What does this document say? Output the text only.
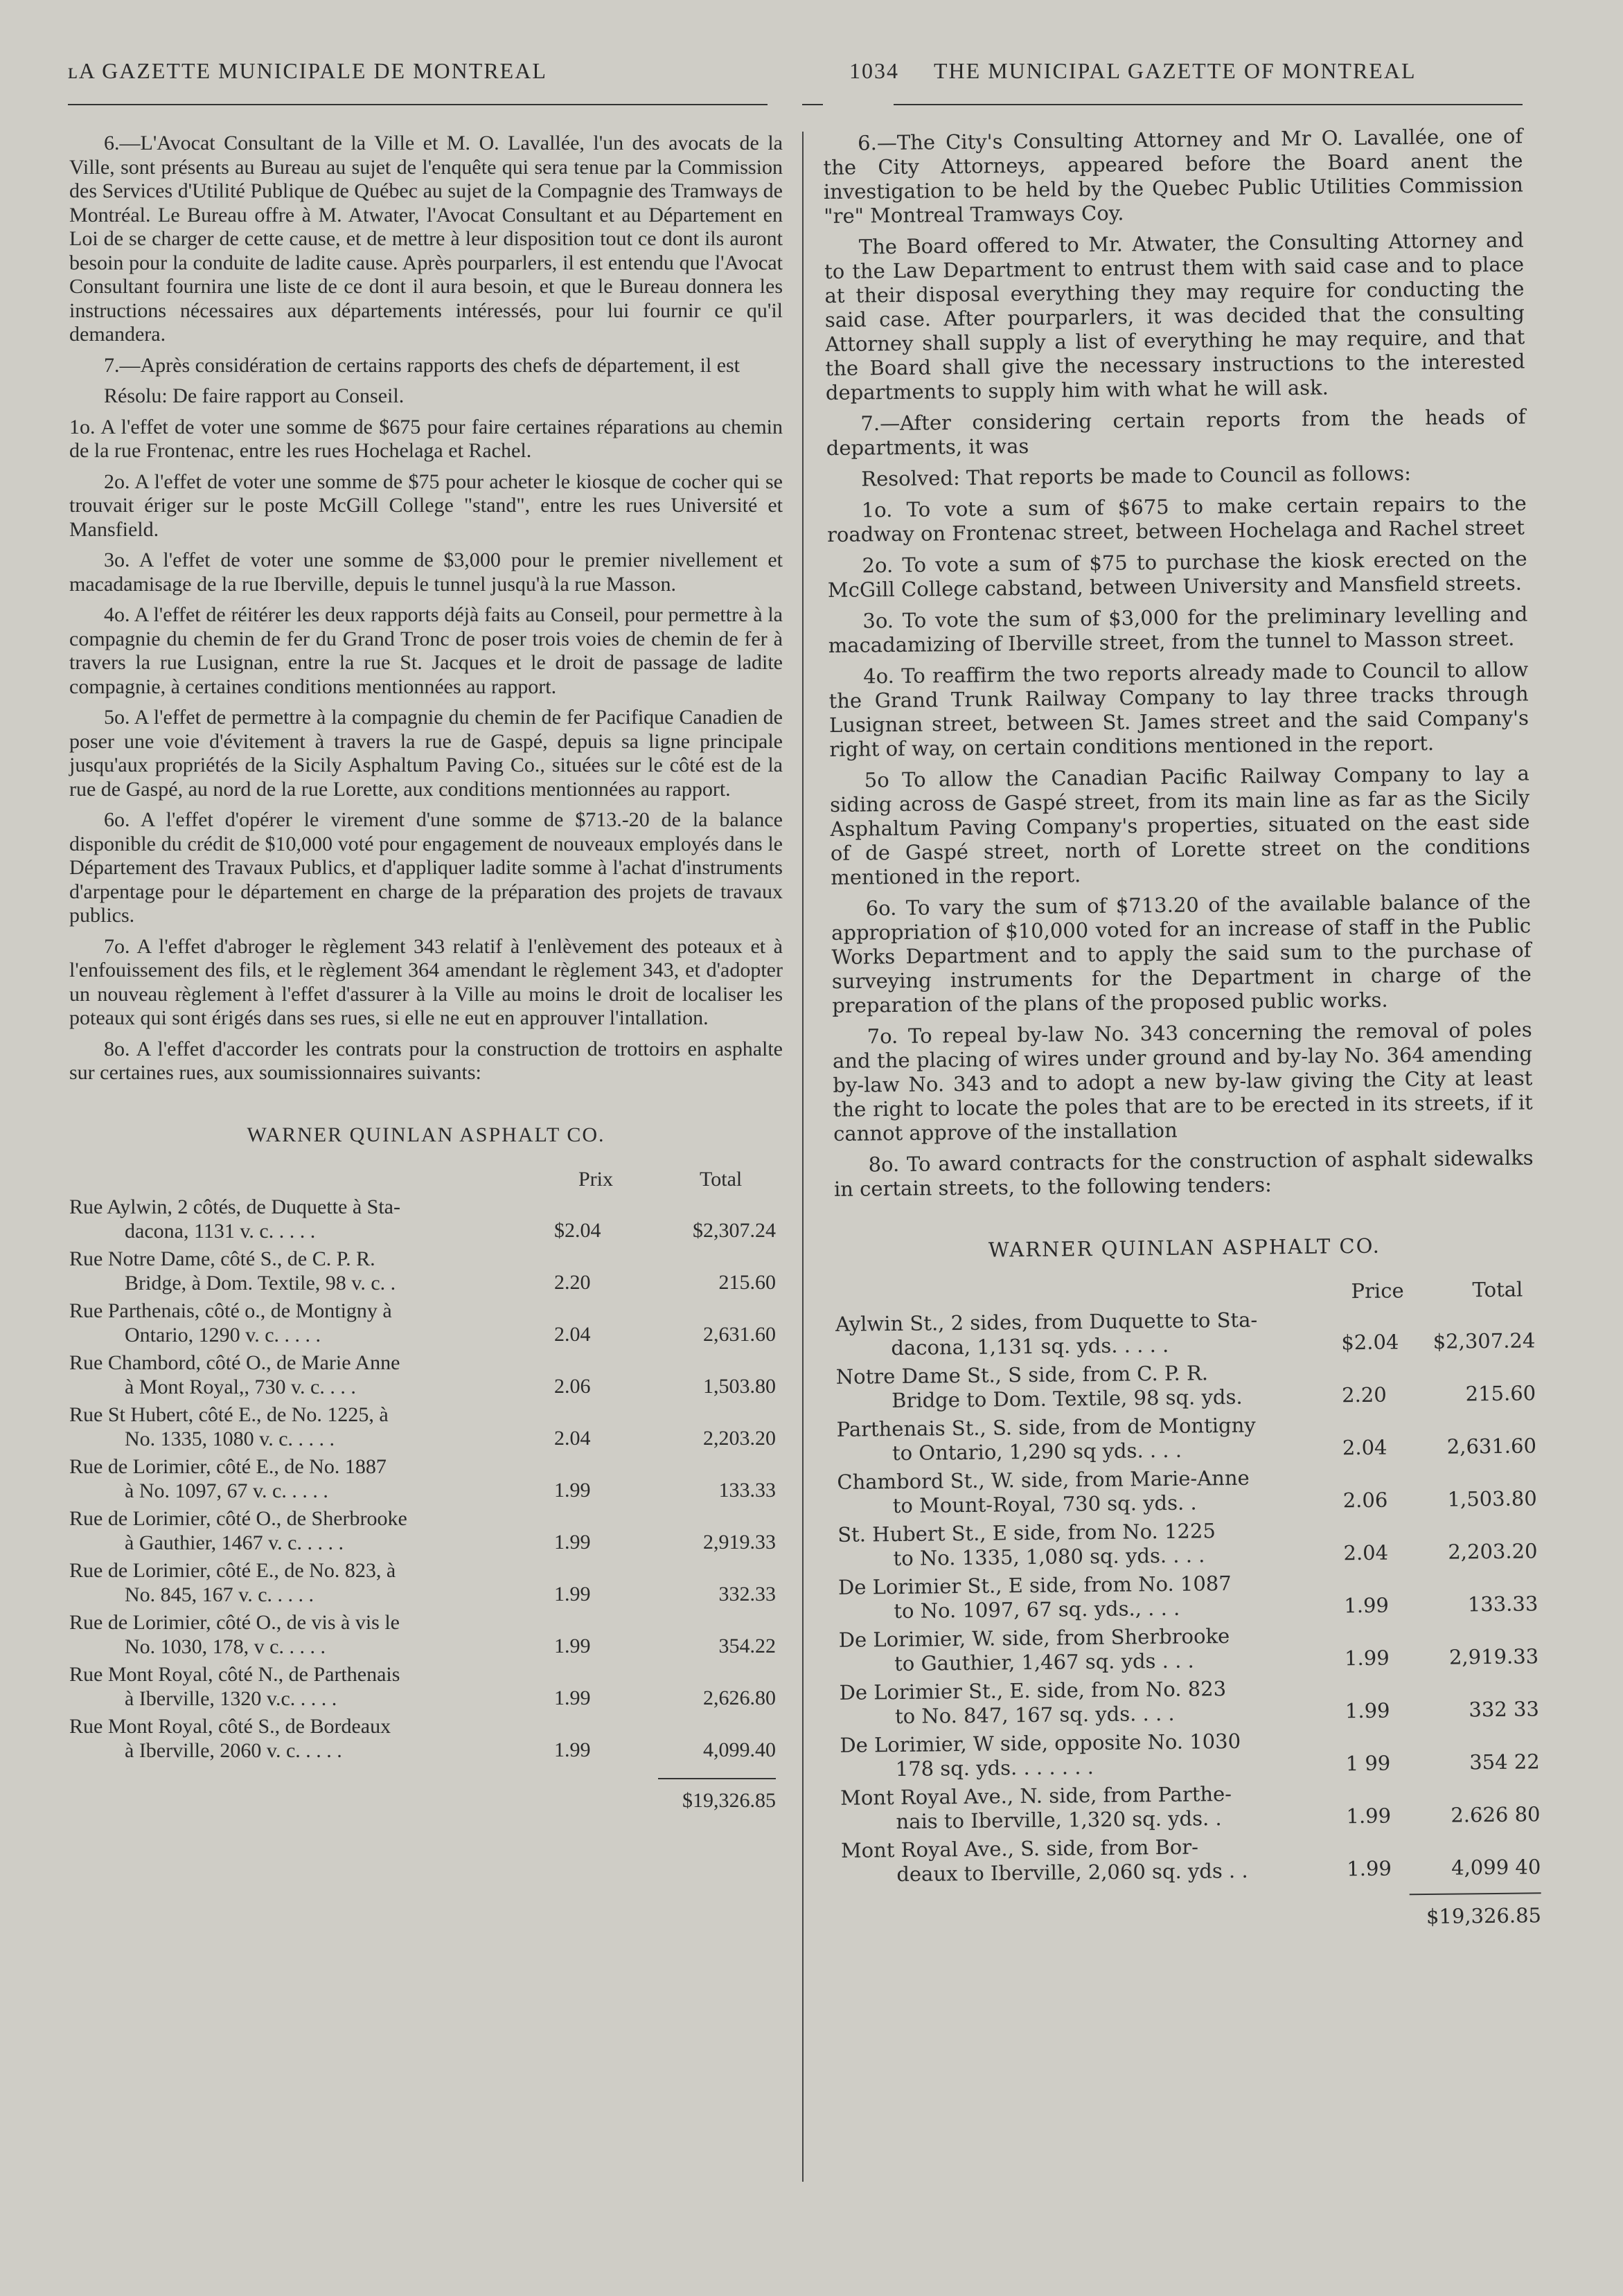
ʟA GAZETTE MUNICIPALE DE MONTREAL	1034 THE MUNICIPAL GAZETTE OF MONTREAL

6.—L'Avocat Consultant de la Ville et M. O. Lavallée, l'un des avocats de la Ville, sont présents au Bureau au sujet de l'enquête qui sera tenue par la Commission des Services d'Utilité Publique de Québec au sujet de la Compagnie des Tramways de Montréal. Le Bureau offre à M. Atwater, l'Avocat Consultant et au Département en Loi de se charger de cette cause, et de mettre à leur disposition tout ce dont ils auront besoin pour la conduite de ladite cause. Après pourparlers, il est entendu que l'Avocat Consultant fournira une liste de ce dont il aura besoin, et que le Bureau donnera les instructions nécessaires aux départements intéressés, pour lui fournir ce qu'il demandera.

7.—Après considération de certains rapports des chefs de département, il est

Résolu: De faire rapport au Conseil.

1o. A l'effet de voter une somme de $675 pour faire certaines réparations au chemin de la rue Frontenac, entre les rues Hochelaga et Rachel.

2o. A l'effet de voter une somme de $75 pour acheter le kiosque de cocher qui se trouvait ériger sur le poste McGill College "stand", entre les rues Université et Mansfield.

3o. A l'effet de voter une somme de $3,000 pour le premier nivellement et macadamisage de la rue Iberville, depuis le tunnel jusqu'à la rue Masson.

4o. A l'effet de réitérer les deux rapports déjà faits au Conseil, pour permettre à la compagnie du chemin de fer du Grand Tronc de poser trois voies de chemin de fer à travers la rue Lusignan, entre la rue St. Jacques et le droit de passage de ladite compagnie, à certaines conditions mentionnées au rapport.

5o. A l'effet de permettre à la compagnie du chemin de fer Pacifique Canadien de poser une voie d'évitement à travers la rue de Gaspé, depuis sa ligne principale jusqu'aux propriétés de la Sicily Asphaltum Paving Co., situées sur le côté est de la rue de Gaspé, au nord de la rue Lorette, aux conditions mentionnées au rapport.

6o. A l'effet d'opérer le virement d'une somme de $713.-20 de la balance disponible du crédit de $10,000 voté pour engagement de nouveaux employés dans le Département des Travaux Publics, et d'appliquer ladite somme à l'achat d'instruments d'arpentage pour le département en charge de la préparation des projets de travaux publics.

7o. A l'effet d'abroger le règlement 343 relatif à l'enlèvement des poteaux et à l'enfouissement des fils, et le règlement 364 amendant le règlement 343, et d'adopter un nouveau règlement à l'effet d'assurer à la Ville au moins le droit de localiser les poteaux qui sont érigés dans ses rues, si elle ne eut en approuver l'intallation.

8o. A l'effet d'accorder les contrats pour la construction de trottoirs en asphalte sur certaines rues, aux soumissionnaires suivants:

WARNER QUINLAN ASPHALT CO.
Prix	Total
Rue Aylwin, 2 côtés, de Duquette à Sta-
dacona, 1131 v. c. . . . .	$2.04	$2,307.24
Rue Notre Dame, côté S., de C. P. R.
Bridge, à Dom. Textile, 98 v. c. .	2.20	215.60
Rue Parthenais, côté o., de Montigny à
Ontario, 1290 v. c. . . . .	2.04	2,631.60
Rue Chambord, côté O., de Marie Anne
à Mont Royal,, 730 v. c. . . .	2.06	1,503.80
Rue St Hubert, côté E., de No. 1225, à
No. 1335, 1080 v. c. . . . .	2.04	2,203.20
Rue de Lorimier, côté E., de No. 1887
à No. 1097, 67 v. c. . . . .	1.99	133.33
Rue de Lorimier, côté O., de Sherbrooke
à Gauthier, 1467 v. c. . . . .	1.99	2,919.33
Rue de Lorimier, côté E., de No. 823, à
No. 845, 167 v. c. . . . .	1.99	332.33
Rue de Lorimier, côté O., de vis à vis le
No. 1030, 178, v c. . . . .	1.99	354.22
Rue Mont Royal, côté N., de Parthenais
à Iberville, 1320 v.c. . . . .	1.99	2,626.80
Rue Mont Royal, côté S., de Bordeaux
à Iberville, 2060 v. c. . . . .	1.99	4,099.40
$19,326.85

6.—The City's Consulting Attorney and Mr O. Lavallée, one of the City Attorneys, appeared before the Board anent the investigation to be held by the Quebec Public Utilities Commission "re" Montreal Tramways Coy.

The Board offered to Mr. Atwater, the Consulting Attorney and to the Law Department to entrust them with said case and to place at their disposal everything they may require for conducting the said case. After pourparlers, it was decided that the consulting Attorney shall supply a list of everything he may require, and that the Board shall give the necessary instructions to the interested departments to supply him with what he will ask.

7.—After considering certain reports from the heads of departments, it was

Resolved: That reports be made to Council as follows:

1o. To vote a sum of $675 to make certain repairs to the roadway on Frontenac street, between Hochelaga and Rachel street

2o. To vote a sum of $75 to purchase the kiosk erected on the McGill College cabstand, between University and Mansfield streets.

3o. To vote the sum of $3,000 for the preliminary levelling and macadamizing of Iberville street, from the tunnel to Masson street.

4o. To reaffirm the two reports already made to Council to allow the Grand Trunk Railway Company to lay three tracks through Lusignan street, between St. James street and the said Company's right of way, on certain conditions mentioned in the report.

5o To allow the Canadian Pacific Railway Company to lay a siding across de Gaspé street, from its main line as far as the Sicily Asphaltum Paving Company's properties, situated on the east side of de Gaspé street, north of Lorette street on the conditions mentioned in the report.

6o. To vary the sum of $713.20 of the available balance of the appropriation of $10,000 voted for an increase of staff in the Public Works Department and to apply the said sum to the purchase of surveying instruments for the Department in charge of the preparation of the plans of the proposed public works.

7o. To repeal by-law No. 343 concerning the removal of poles and the placing of wires under ground and by-lay No. 364 amending by-law No. 343 and to adopt a new by-law giving the City at least the right to locate the poles that are to be erected in its streets, if it cannot approve of the installation

8o. To award contracts for the construction of asphalt sidewalks in certain streets, to the following tenders:

WARNER QUINLAN ASPHALT CO.
Price	Total
Aylwin St., 2 sides, from Duquette to Sta-
dacona, 1,131 sq. yds. . . . .	$2.04	$2,307.24
Notre Dame St., S side, from C. P. R.
Bridge to Dom. Textile, 98 sq. yds.	2.20	215.60
Parthenais St., S. side, from de Montigny
to Ontario, 1,290 sq yds. . . .	2.04	2,631.60
Chambord St., W. side, from Marie-Anne
to Mount-Royal, 730 sq. yds. .	2.06	1,503.80
St. Hubert St., E side, from No. 1225
to No. 1335, 1,080 sq. yds. . . .	2.04	2,203.20
De Lorimier St., E side, from No. 1087
to No. 1097, 67 sq. yds., . . .	1.99	133.33
De Lorimier, W. side, from Sherbrooke
to Gauthier, 1,467 sq. yds . . .	1.99	2,919.33
De Lorimier St., E. side, from No. 823
to No. 847, 167 sq. yds. . . .	1.99	332 33
De Lorimier, W side, opposite No. 1030
178 sq. yds. . . . . . .	1 99	354 22
Mont Royal Ave., N. side, from Parthe-
nais to Iberville, 1,320 sq. yds. .	1.99	2.626 80
Mont Royal Ave., S. side, from Bor-
deaux to Iberville, 2,060 sq. yds . .	1.99	4,099 40
$19,326.85
